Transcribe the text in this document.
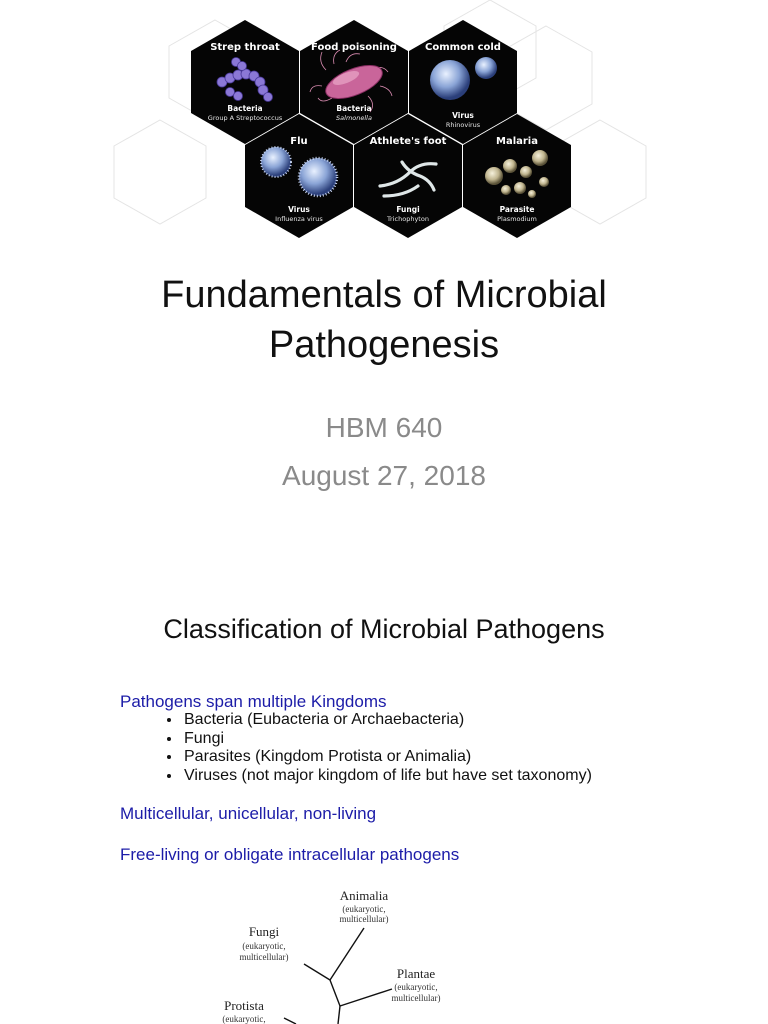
Strep throat
Bacteria
Group A Streptococcus
Food poisoning
Bacteria
Salmonella
Common cold
Virus
Rhinovirus
Flu
Virus
Influenza virus
Athlete's foot
Fungi
Trichophyton
Malaria
Parasite
Plasmodium
Fundamentals of Microbial
Pathogenesis
HBM 640
August 27, 2018
Classification of Microbial Pathogens
Pathogens span multiple Kingdoms
• Bacteria (Eubacteria or Archaebacteria)
• Fungi
• Parasites (Kingdom Protista or Animalia)
• Viruses (not major kingdom of life but have set taxonomy)
Multicellular, unicellular, non-living
Free-living or obligate intracellular pathogens
Animalia
(eukaryotic,
multicellular)
Fungi
(eukaryotic,
multicellular)
Plantae
(eukaryotic,
multicellular)
Protista
(eukaryotic,
